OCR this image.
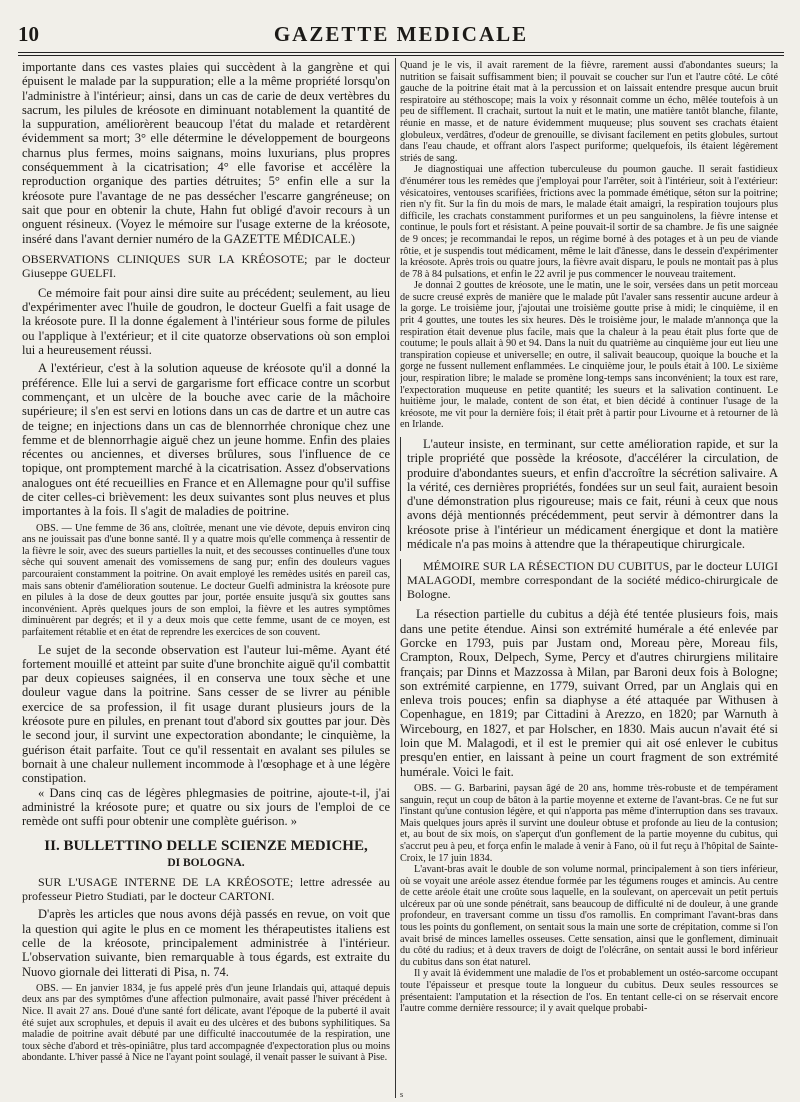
10	GAZETTE MEDICALE

importante dans ces vastes plaies qui succèdent à la gangrène et qui épuisent le malade par la suppuration; elle a la même propriété lorsqu'on l'administre à l'intérieur; ainsi, dans un cas de carie de deux vertèbres du sacrum, les pilules de kréosote en diminuant notablement la quantité de la suppuration, améliorèrent beaucoup l'état du malade et retardèrent évidemment sa mort; 3° elle détermine le développement de bourgeons charnus plus fermes, moins saignans, moins luxurians, plus propres conséquemment à la cicatrisation; 4° elle favorise et accélère la reproduction organique des parties détruites; 5° enfin elle a sur la kréosote pure l'avantage de ne pas dessécher l'escarre gangréneuse; on sait que pour en obtenir la chute, Hahn fut obligé d'avoir recours à un onguent résineux. (Voyez le mémoire sur l'usage externe de la kréosote, inséré dans l'avant dernier numéro de la GAZETTE MÉDICALE.)

OBSERVATIONS CLINIQUES SUR LA KRÉOSOTE; par le docteur Giuseppe GUELFI.

Ce mémoire fait pour ainsi dire suite au précédent; seulement, au lieu d'expérimenter avec l'huile de goudron, le docteur Guelfi a fait usage de la kréosote pure. Il la donne également à l'intérieur sous forme de pilules ou l'applique à l'extérieur; et il cite quatorze observations où son emploi lui a heureusement réussi.

A l'extérieur, c'est à la solution aqueuse de kréosote qu'il a donné la préférence. Elle lui a servi de gargarisme fort efficace contre un scorbut commençant, et un ulcère de la bouche avec carie de la mâchoire supérieure; il s'en est servi en lotions dans un cas de dartre et un autre cas de teigne; en injections dans un cas de blennorrhée chronique chez une femme et de blennorrhagie aiguë chez un jeune homme. Enfin des plaies récentes ou anciennes, et diverses brûlures, sous l'influence de ce topique, ont promptement marché à la cicatrisation. Assez d'observations analogues ont été recueillies en France et en Allemagne pour qu'il suffise de citer celles-ci brièvement: les deux suivantes sont plus neuves et plus importantes à la fois. Il s'agit de maladies de poitrine.

OBS. — Une femme de 36 ans, cloîtrée, menant une vie dévote, depuis environ cinq ans ne jouissait pas d'une bonne santé. Il y a quatre mois qu'elle commença à ressentir de la fièvre le soir, avec des sueurs partielles la nuit, et des secousses continuelles d'une toux sèche qui souvent amenait des vomissemens de sang pur; enfin des douleurs vagues parcouraient constamment la poitrine. On avait employé les remèdes usités en pareil cas, mais sans obtenir d'amélioration soutenue. Le docteur Guelfi administra la kréosote pure en pilules à la dose de deux gouttes par jour, portée ensuite jusqu'à six gouttes sans inconvénient. Après quelques jours de son emploi, la fièvre et les autres symptômes diminuèrent par degrés; et il y a deux mois que cette femme, usant de ce moyen, est parfaitement rétablie et en état de reprendre les exercices de son couvent.

Le sujet de la seconde observation est l'auteur lui-même. Ayant été fortement mouillé et atteint par suite d'une bronchite aiguë qu'il combattit par deux copieuses saignées, il en conserva une toux sèche et une douleur vague dans la poitrine. Sans cesser de se livrer au pénible exercice de sa profession, il fit usage durant plusieurs jours de la kréosote pure en pilules, en prenant tout d'abord six gouttes par jour. Dès le second jour, il survint une expectoration abondante; le cinquième, la guérison était parfaite. Tout ce qu'il ressentait en avalant ses pilules se bornait à une chaleur nullement incommode à l'œsophage et à une légère constipation.

« Dans cinq cas de légères phlegmasies de poitrine, ajoute-t-il, j'ai administré la kréosote pure; et quatre ou six jours de l'emploi de ce remède ont suffi pour obtenir une complète guérison. »

II. BULLETTINO DELLE SCIENZE MEDICHE,
DI BOLOGNA.

SUR L'USAGE INTERNE DE LA KRÉOSOTE; lettre adressée au professeur Pietro Studiati, par le docteur CARTONI.

D'après les articles que nous avons déjà passés en revue, on voit que la question qui agite le plus en ce moment les thérapeutistes italiens est celle de la kréosote, principalement administrée à l'intérieur. L'observation suivante, bien remarquable à tous égards, est extraite du Nuovo giornale dei litterati di Pisa, n. 74.

OBS. — En janvier 1834, je fus appelé près d'un jeune Irlandais qui, attaqué depuis deux ans par des symptômes d'une affection pulmonaire, avait passé l'hiver précédent à Nice. Il avait 27 ans. Doué d'une santé fort délicate, avant l'époque de la puberté il avait été sujet aux scrophules, et depuis il avait eu des ulcères et des bubons syphilitiques. Sa maladie de poitrine avait débuté par une difficulté inaccoutumée de la respiration, une toux sèche d'abord et très-opiniâtre, plus tard accompagnée d'expectoration plus ou moins abondante. L'hiver passé à Nice ne l'ayant point soulagé, il venait passer le suivant à Pise.

Quand je le vis, il avait rarement de la fièvre, rarement aussi d'abondantes sueurs; la nutrition se faisait suffisamment bien; il pouvait se coucher sur l'un et l'autre côté. Le côté gauche de la poitrine était mat à la percussion et on laissait entendre presque aucun bruit respiratoire au stéthoscope; mais la voix y résonnait comme un écho, mêlée toutefois à un peu de sifflement. Il crachait, surtout la nuit et le matin, une matière tantôt blanche, filante, réunie en masse, et de nature évidemment muqueuse; plus souvent ses crachats étaient globuleux, verdâtres, d'odeur de grenouille, se divisant facilement en petits globules, surtout dans l'eau chaude, et offrant alors l'aspect puriforme; quelquefois, ils étaient légèrement striés de sang.

Je diagnostiquai une affection tuberculeuse du poumon gauche. Il serait fastidieux d'énumérer tous les remèdes que j'employai pour l'arrêter, soit à l'intérieur, soit à l'extérieur: vésicatoires, ventouses scarifiées, frictions avec la pommade émétique, séton sur la poitrine; rien n'y fit. Sur la fin du mois de mars, le malade était amaigri, la respiration toujours plus difficile, les crachats constamment puriformes et un peu sanguinolens, la fièvre intense et continue, le pouls fort et résistant. A peine pouvait-il sortir de sa chambre. Je fis une saignée de 9 onces; je recommandai le repos, un régime borné à des potages et à un peu de viande rôtie, et je suspendis tout médicament, même le lait d'ânesse, dans le dessein d'expérimenter la kréosote. Après trois ou quatre jours, la fièvre avait disparu, le pouls ne montait pas à plus de 78 à 84 pulsations, et enfin le 22 avril je pus commencer le nouveau traitement.

Je donnai 2 gouttes de kréosote, une le matin, une le soir, versées dans un petit morceau de sucre creusé exprès de manière que le malade pût l'avaler sans ressentir aucune ardeur à la gorge. Le troisième jour, j'ajoutai une troisième goutte prise à midi; le cinquième, il en prit 4 gouttes, une toutes les six heures. Dès le troisième jour, le malade m'annonça que la respiration était devenue plus facile, mais que la chaleur à la peau était plus forte que de coutume; le pouls allait à 90 et 94. Dans la nuit du quatrième au cinquième jour eut lieu une transpiration copieuse et universelle; en outre, il salivait beaucoup, quoique la bouche et la gorge ne fussent nullement enflammées. Le cinquième jour, le pouls était à 100. Le sixième jour, respiration libre; le malade se promène long-temps sans inconvénient; la toux est rare, l'expectoration muqueuse en petite quantité; les sueurs et la salivation continuent. Le huitième jour, le malade, content de son état, et bien décidé à continuer l'usage de la kréosote, me vit pour la dernière fois; il était prêt à partir pour Livourne et à retourner de là en Irlande.

L'auteur insiste, en terminant, sur cette amélioration rapide, et sur la triple propriété que possède la kréosote, d'accélérer la circulation, de produire d'abondantes sueurs, et enfin d'accroître la sécrétion salivaire. A la vérité, ces dernières propriétés, fondées sur un seul fait, auraient besoin d'une démonstration plus rigoureuse; mais ce fait, réuni à ceux que nous avons déjà mentionnés précédemment, peut servir à démontrer dans la kréosote prise à l'intérieur un médicament énergique et dont la matière médicale n'a pas moins à attendre que la thérapeutique chirurgicale.

MÉMOIRE SUR LA RÉSECTION DU CUBITUS, par le docteur LUIGI MALAGODI, membre correspondant de la société médico-chirurgicale de Bologne.

La résection partielle du cubitus a déjà été tentée plusieurs fois, mais dans une petite étendue. Ainsi son extrémité humérale a été enlevée par Gorcke en 1793, puis par Justam ond, Moreau père, Moreau fils, Crampton, Roux, Delpech, Syme, Percy et d'autres chirurgiens militaire français; par Dinns et Mazzossa à Milan, par Baroni deux fois à Bologne; son extrémité carpienne, en 1779, suivant Orred, par un Anglais qui en enleva trois pouces; enfin sa diaphyse a été attaquée par Withusen à Copenhague, en 1819; par Cittadini à Arezzo, en 1820; par Warnuth à Wircebourg, en 1827, et par Holscher, en 1830. Mais aucun n'avait été si loin que M. Malagodi, et il est le premier qui ait osé enlever le cubitus presqu'en entier, en laissant à peine un court fragment de son extrémité humérale. Voici le fait.

OBS. — G. Barbarini, paysan âgé de 20 ans, homme très-robuste et de tempérament sanguin, reçut un coup de bâton à la partie moyenne et externe de l'avant-bras. Ce ne fut sur l'instant qu'une contusion légère, et qui n'apporta pas même d'interruption dans ses travaux. Mais quelques jours après il survint une douleur obtuse et profonde au lieu de la contusion; et, au bout de six mois, on s'aperçut d'un gonflement de la partie moyenne du cubitus, qui s'accrut peu à peu, et força enfin le malade à venir à Fano, où il fut reçu à l'hôpital de Sainte-Croix, le 17 juin 1834.

L'avant-bras avait le double de son volume normal, principalement à son tiers inférieur, où se voyait une aréole assez étendue formée par les tégumens rouges et amincis. Au centre de cette aréole était une croûte sous laquelle, en la soulevant, on apercevait un petit pertuis ulcéreux par où une sonde pénétrait, sans beaucoup de difficulté ni de douleur, à une grande profondeur, en traversant comme un tissu d'os ramollis. En comprimant l'avant-bras dans tous les points du gonflement, on sentait sous la main une sorte de crépitation, comme si l'on avait brisé de minces lamelles osseuses. Cette sensation, ainsi que le gonflement, diminuait du côté du radius; et à deux travers de doigt de l'olécrâne, on sentait aussi le bord inférieur du cubitus dans son état naturel.

Il y avait là évidemment une maladie de l'os et probablement un ostéo-sarcome occupant toute l'épaisseur et presque toute la longueur du cubitus. Deux seules ressources se présentaient: l'amputation et la résection de l'os. En tentant celle-ci on se réservait encore l'autre comme dernière ressource; il y avait quelque probabi-

s
